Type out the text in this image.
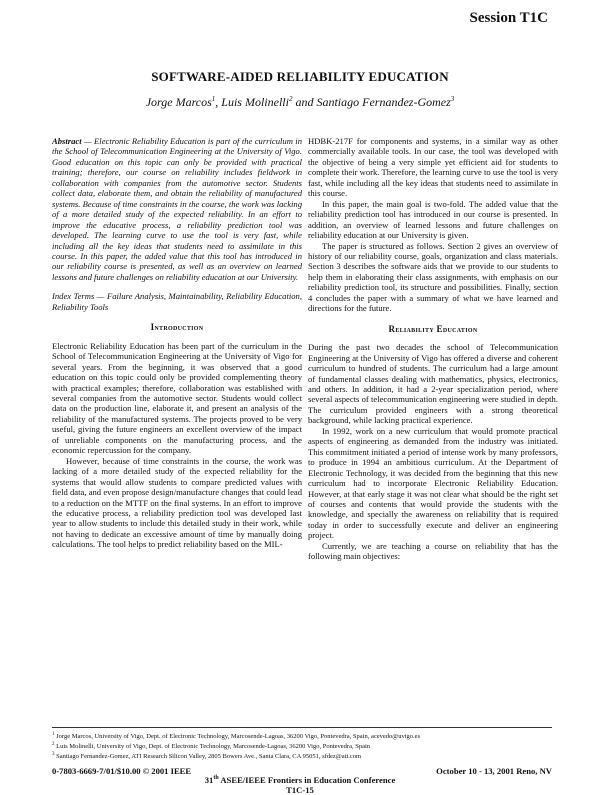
Session T1C
SOFTWARE-AIDED RELIABILITY EDUCATION
Jorge Marcos$^1$, Luis Molinelli$^2$ and Santiago Fernandez-Gomez$^3$

Abstract — Electronic Reliability Education is part of the curriculum in the School of Telecommunication Engineering at the University of Vigo. Good education on this topic can only be provided with practical training; therefore, our course on reliability includes fieldwork in collaboration with companies from the automotive sector. Students collect data, elaborate them, and obtain the reliability of manufactured systems. Because of time constraints in the course, the work was lacking of a more detailed study of the expected reliability. In an effort to improve the educative process, a reliability prediction tool was developed. The learning curve to use the tool is very fast, while including all the key ideas that students need to assimilate in this course. In this paper, the added value that this tool has introduced in our reliability course is presented, as well as an overview on learned lessons and future challenges on reliability education at our University.

Index Terms — Failure Analysis, Maintainability, Reliability Education, Reliability Tools

Introduction

Electronic Reliability Education has been part of the curriculum in the School of Telecommunication Engineering at the University of Vigo for several years. From the beginning, it was observed that a good education on this topic could only be provided complementing theory with practical examples; therefore, collaboration was established with several companies from the automotive sector. Students would collect data on the production line, elaborate it, and present an analysis of the reliability of the manufactured systems. The projects proved to be very useful, giving the future engineers an excellent overview of the impact of unreliable components on the manufacturing process, and the economic repercussion for the company.

However, because of time constraints in the course, the work was lacking of a more detailed study of the expected reliability for the systems that would allow students to compare predicted values with field data, and even propose design/manufacture changes that could lead to a reduction on the MTTF on the final systems. In an effort to improve the educative process, a reliability prediction tool was developed last year to allow students to include this detailed study in their work, while not having to dedicate an excessive amount of time by manually doing calculations. The tool helps to predict reliability based on the MIL-

HDBK-217F for components and systems, in a similar way as other commercially available tools. In our case, the tool was developed with the objective of being a very simple yet efficient aid for students to complete their work. Therefore, the learning curve to use the tool is very fast, while including all the key ideas that students need to assimilate in this course.

In this paper, the main goal is two-fold. The added value that the reliability prediction tool has introduced in our course is presented. In addition, an overview of learned lessons and future challenges on reliability education at our University is given.

The paper is structured as follows. Section 2 gives an overview of history of our reliability course, goals, organization and class materials. Section 3 describes the software aids that we provide to our students to help them in elaborating their class assignments, with emphasis on our reliability prediction tool, its structure and possibilities. Finally, section 4 concludes the paper with a summary of what we have learned and directions for the future.

Reliability Education

During the past two decades the school of Telecommunication Engineering at the University of Vigo has offered a diverse and coherent curriculum to hundred of students. The curriculum had a large amount of fundamental classes dealing with mathematics, physics, electronics, and others. In addition, it had a 2-year specialization period, where several aspects of telecommunication engineering were studied in depth. The curriculum provided engineers with a strong theoretical background, while lacking practical experience.

In 1992, work on a new curriculum that would promote practical aspects of engineering as demanded from the industry was initiated. This commitment initiated a period of intense work by many professors, to produce in 1994 an ambitious curriculum. At the Department of Electronic Technology, it was decided from the beginning that this new curriculum had to incorporate Electronic Reliability Education. However, at that early stage it was not clear what should be the right set of courses and contents that would provide the students with the knowledge, and specially the awareness on reliability that is required today in order to successfully execute and deliver an engineering project.

Currently, we are teaching a course on reliability that has the following main objectives:

$^1$ Jorge Marcos, University of Vigo, Dept. of Electronic Technology, Marcosende-Lagoas, 36200 Vigo, Pontevedra, Spain, acevedo@uvigo.es
$^2$ Luis Molinelli, University of Vigo, Dept. of Electronic Technology, Marcosende-Lagoas, 36200 Vigo, Pontevedra, Spain
$^3$ Santiago Fernandez-Gomez, ATI Research Silicon Valley, 2805 Bowers Ave., Santa Clara, CA 95051, sfdez@ati.com
0-7803-6669-7/01/$10.00 © 2001 IEEE	October 10 - 13, 2001 Reno, NV
31th ASEE/IEEE Frontiers in Education Conference
T1C-15
